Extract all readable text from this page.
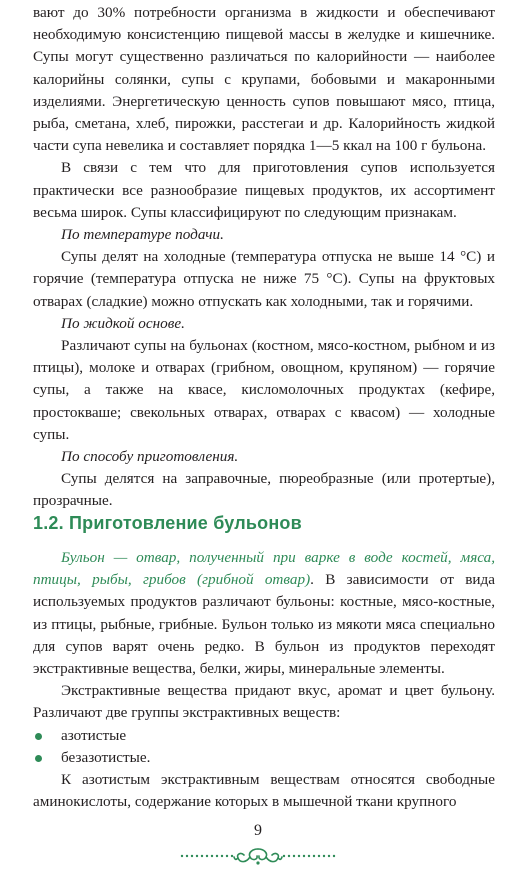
вают до 30% потребности организма в жидкости и обеспечивают необходимую консистенцию пищевой массы в желудке и кишечнике. Супы могут существенно различаться по калорийности — наиболее калорийны солянки, супы с крупами, бобовыми и макаронными изделиями. Энергетическую ценность супов повышают мясо, птица, рыба, сметана, хлеб, пирожки, расстегаи и др. Калорийность жидкой части супа невелика и составляет порядка 1—5 ккал на 100 г бульона.

В связи с тем что для приготовления супов используется практически все разнообразие пищевых продуктов, их ассортимент весьма широк. Супы классифицируют по следующим признакам.

По температуре подачи.

Супы делят на холодные (температура отпуска не выше 14 °С) и горячие (температура отпуска не ниже 75 °С). Супы на фруктовых отварах (сладкие) можно отпускать как холодными, так и горячими.

По жидкой основе.

Различают супы на бульонах (костном, мясо-костном, рыбном и из птицы), молоке и отварах (грибном, овощном, крупяном) — горячие супы, а также на квасе, кисломолочных продуктах (кефире, простокваше; свекольных отварах, отварах с квасом) — холодные супы.

По способу приготовления.

Супы делятся на заправочные, пюреобразные (или протертые), прозрачные.

1.2. Приготовление бульонов

Бульон — отвар, полученный при варке в воде костей, мяса, птицы, рыбы, грибов (грибной отвар). В зависимости от вида используемых продуктов различают бульоны: костные, мясо-костные, из птицы, рыбные, грибные. Бульон только из мякоти мяса специально для супов варят очень редко. В бульон из продуктов переходят экстрактивные вещества, белки, жиры, минеральные элементы.

Экстрактивные вещества придают вкус, аромат и цвет бульону. Различают две группы экстрактивных веществ:

азотистые
безазотистые.

К азотистым экстрактивным веществам относятся свободные аминокислоты, содержание которых в мышечной ткани крупного

9
